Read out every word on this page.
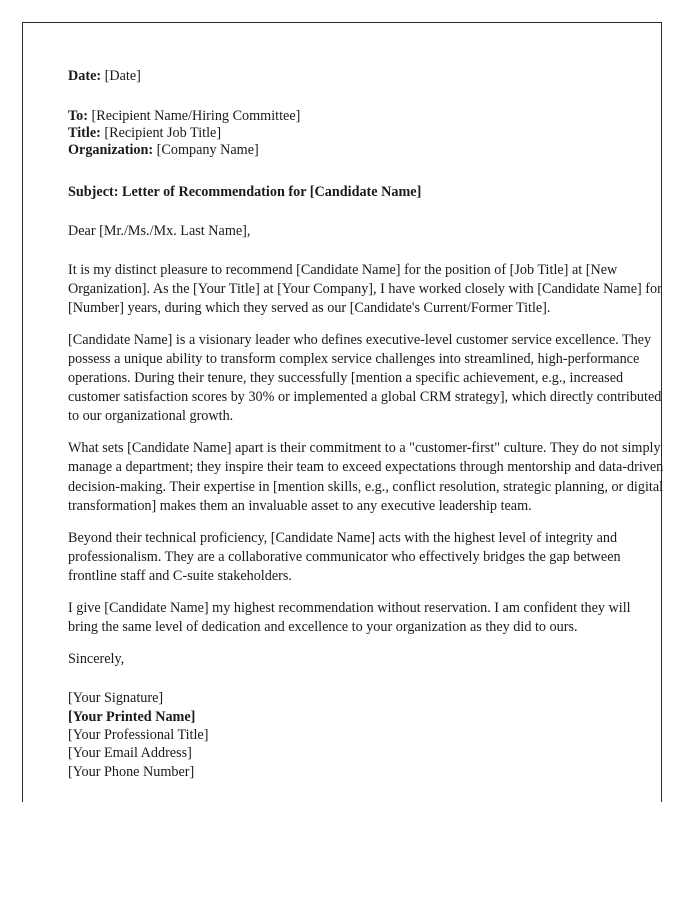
Date: [Date]

To: [Recipient Name/Hiring Committee]

Title: [Recipient Job Title]

Organization: [Company Name]

Subject: Letter of Recommendation for [Candidate Name]

Dear [Mr./Ms./Mx. Last Name],

It is my distinct pleasure to recommend [Candidate Name] for the position of [Job Title] at [New Organization]. As the [Your Title] at [Your Company], I have worked closely with [Candidate Name] for [Number] years, during which they served as our [Candidate's Current/Former Title].

[Candidate Name] is a visionary leader who defines executive-level customer service excellence. They possess a unique ability to transform complex service challenges into streamlined, high-performance operations. During their tenure, they successfully [mention a specific achievement, e.g., increased customer satisfaction scores by 30% or implemented a global CRM strategy], which directly contributed to our organizational growth.

What sets [Candidate Name] apart is their commitment to a "customer-first" culture. They do not simply manage a department; they inspire their team to exceed expectations through mentorship and data-driven decision-making. Their expertise in [mention skills, e.g., conflict resolution, strategic planning, or digital transformation] makes them an invaluable asset to any executive leadership team.

Beyond their technical proficiency, [Candidate Name] acts with the highest level of integrity and professionalism. They are a collaborative communicator who effectively bridges the gap between frontline staff and C-suite stakeholders.

I give [Candidate Name] my highest recommendation without reservation. I am confident they will bring the same level of dedication and excellence to your organization as they did to ours.

Sincerely,

[Your Signature]

[Your Printed Name]

[Your Professional Title]

[Your Email Address]

[Your Phone Number]
